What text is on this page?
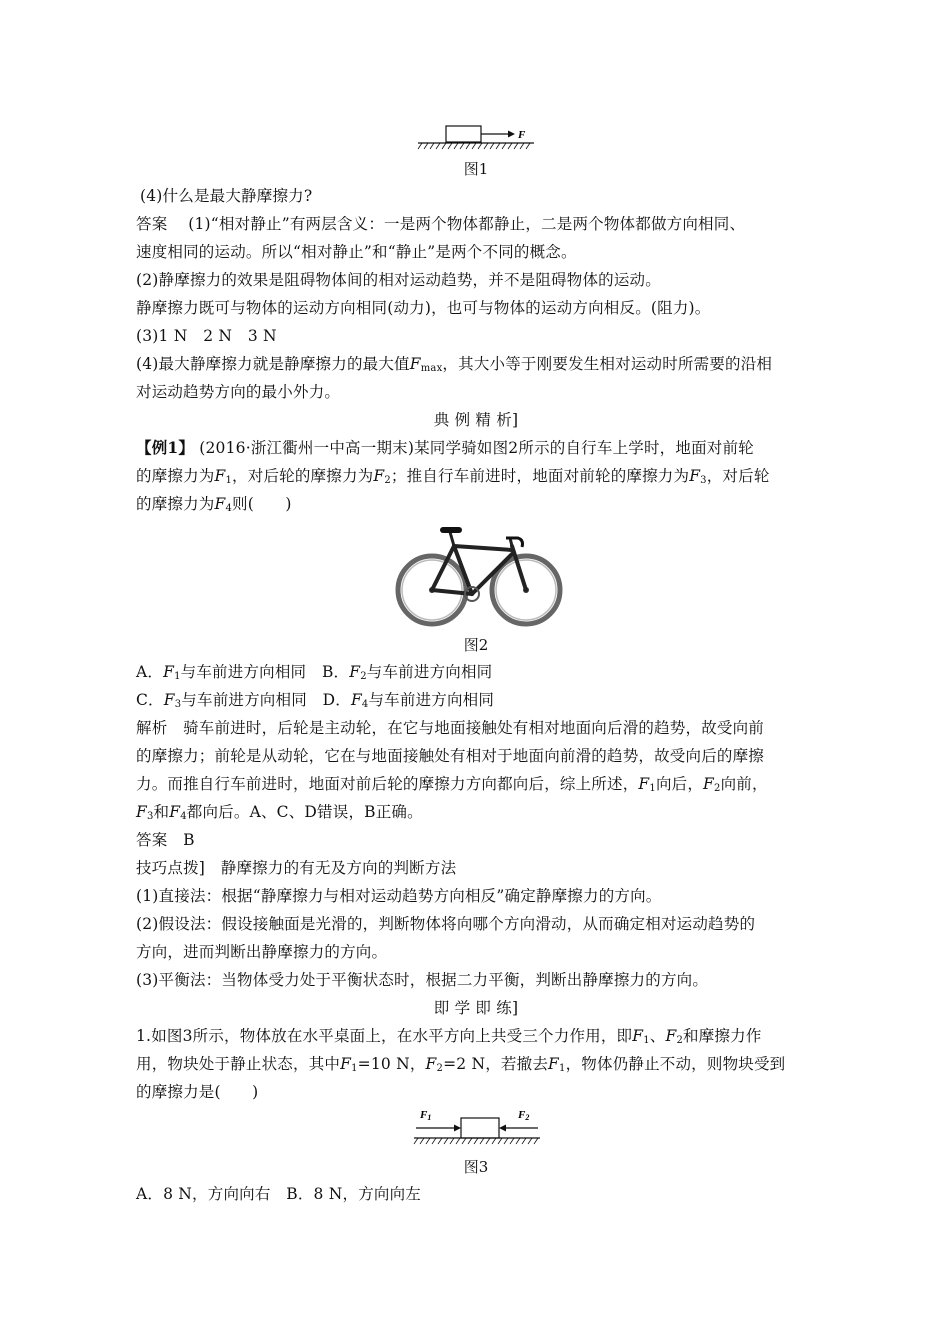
F
图1
(4)什么是最大静摩擦力?
答案　 (1)“相对静止”有两层含义：一是两个物体都静止，二是两个物体都做方向相同、
速度相同的运动。所以“相对静止”和“静止”是两个不同的概念。
(2)静摩擦力的效果是阻碍物体间的相对运动趋势，并不是阻碍物体的运动。
静摩擦力既可与物体的运动方向相同(动力)，也可与物体的运动方向相反。(阻力)。
(3)1 N　2 N　3 N
(4)最大静摩擦力就是静摩擦力的最大值$F_{max}$，其大小等于刚要发生相对运动时所需要的沿相
对运动趋势方向的最小外力。
典 例 精 析]
【例1】 (2016·浙江衢州一中高一期末)某同学骑如图2所示的自行车上学时，地面对前轮
的摩擦力为$F_1$，对后轮的摩擦力为$F_2$；推自行车前进时，地面对前轮的摩擦力为$F_3$，对后轮
的摩擦力为$F_4$则(　　)
图2
A．$F_1$与车前进方向相同　 B．$F_2$与车前进方向相同
C．$F_3$与车前进方向相同　 D．$F_4$与车前进方向相同
解析　 骑车前进时，后轮是主动轮，在它与地面接触处有相对地面向后滑的趋势，故受向前
的摩擦力；前轮是从动轮，它在与地面接触处有相对于地面向前滑的趋势，故受向后的摩擦
力。而推自行车前进时，地面对前后轮的摩擦力方向都向后，综上所述，$F_1$向后，$F_2$向前，
$F_3$和$F_4$都向后。A、C、D错误，B正确。
答案　 B
技巧点拨]　 静摩擦力的有无及方向的判断方法
(1)直接法：根据“静摩擦力与相对运动趋势方向相反”确定静摩擦力的方向。
(2)假设法：假设接触面是光滑的，判断物体将向哪个方向滑动，从而确定相对运动趋势的
方向，进而判断出静摩擦力的方向。
(3)平衡法：当物体受力处于平衡状态时，根据二力平衡，判断出静摩擦力的方向。
即 学 即 练]
1.如图3所示，物体放在水平桌面上，在水平方向上共受三个力作用，即$F_1$、$F_2$和摩擦力作
用，物块处于静止状态，其中$F_1=10$ N，$F_2=2$ N，若撤去$F_1$，物体仍静止不动，则物块受到
的摩擦力是(　　)
F1	F2
图3
A．8 N，方向向右　 B．8 N，方向向左
